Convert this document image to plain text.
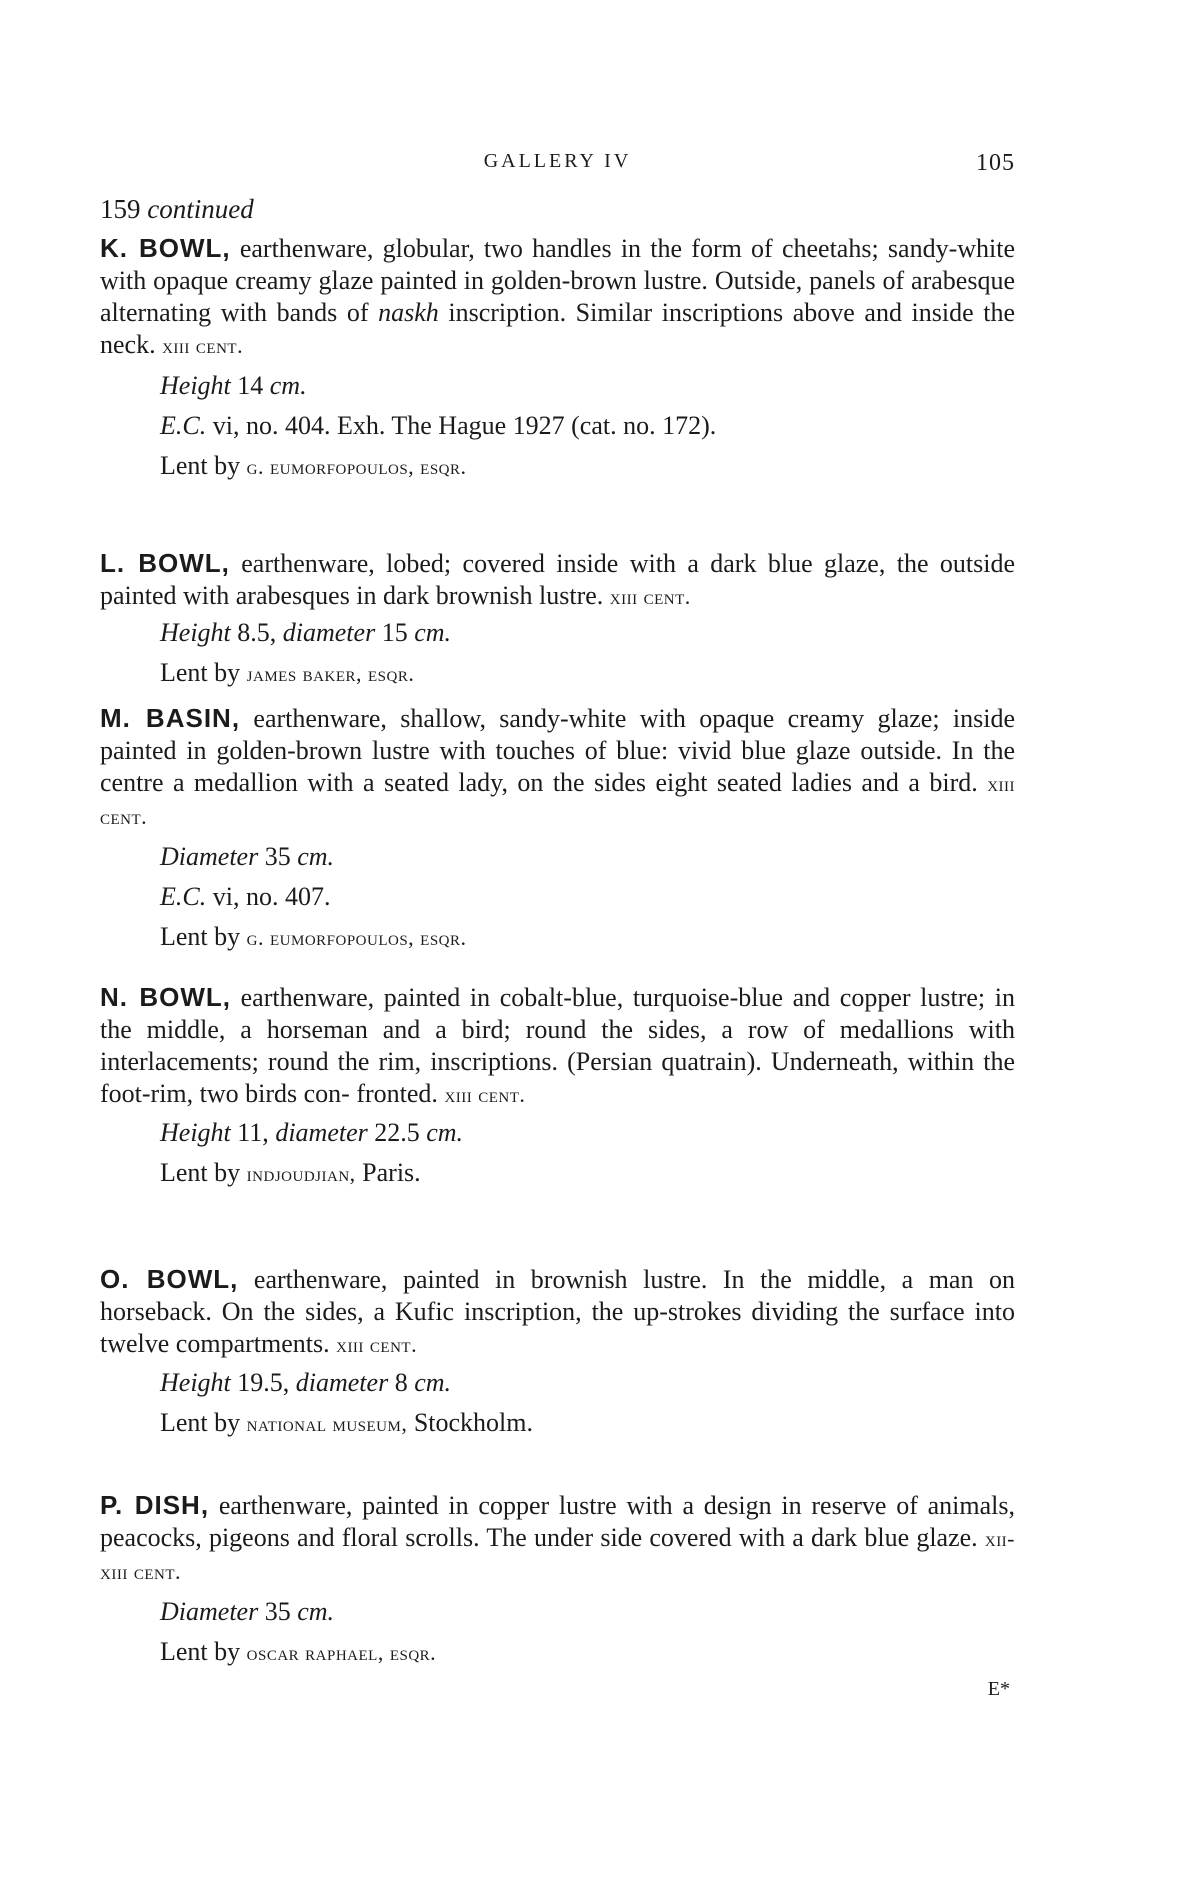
GALLERY IV	105

159 continued

K. BOWL, earthenware, globular, two handles in the form of cheetahs; sandy-white with opaque creamy glaze painted in golden-brown lustre. Outside, panels of arabesque alternating with bands of naskh inscription. Similar inscriptions above and inside the neck. xiii cent.

Height 14 cm.

E.C. vi, no. 404. Exh. The Hague 1927 (cat. no. 172).

Lent by g. eumorfopoulos, esqr.

L. BOWL, earthenware, lobed; covered inside with a dark blue glaze, the outside painted with arabesques in dark brownish lustre. xiii cent.

Height 8.5, diameter 15 cm.

Lent by james baker, esqr.

M. BASIN, earthenware, shallow, sandy-white with opaque creamy glaze; inside painted in golden-brown lustre with touches of blue: vivid blue glaze outside. In the centre a medallion with a seated lady, on the sides eight seated ladies and a bird. xiii cent.

Diameter 35 cm.

E.C. vi, no. 407.

Lent by g. eumorfopoulos, esqr.

N. BOWL, earthenware, painted in cobalt-blue, turquoise-blue and copper lustre; in the middle, a horseman and a bird; round the sides, a row of medallions with interlacements; round the rim, inscriptions. (Persian quatrain). Underneath, within the foot-rim, two birds con- fronted. xiii cent.

Height 11, diameter 22.5 cm.

Lent by indjoudjian, Paris.

O. BOWL, earthenware, painted in brownish lustre. In the middle, a man on horseback. On the sides, a Kufic inscription, the up-strokes dividing the surface into twelve compartments. xiii cent.

Height 19.5, diameter 8 cm.

Lent by national museum, Stockholm.

P. DISH, earthenware, painted in copper lustre with a design in reserve of animals, peacocks, pigeons and floral scrolls. The under side covered with a dark blue glaze. xii-xiii cent.

Diameter 35 cm.

Lent by oscar raphael, esqr.

E*
